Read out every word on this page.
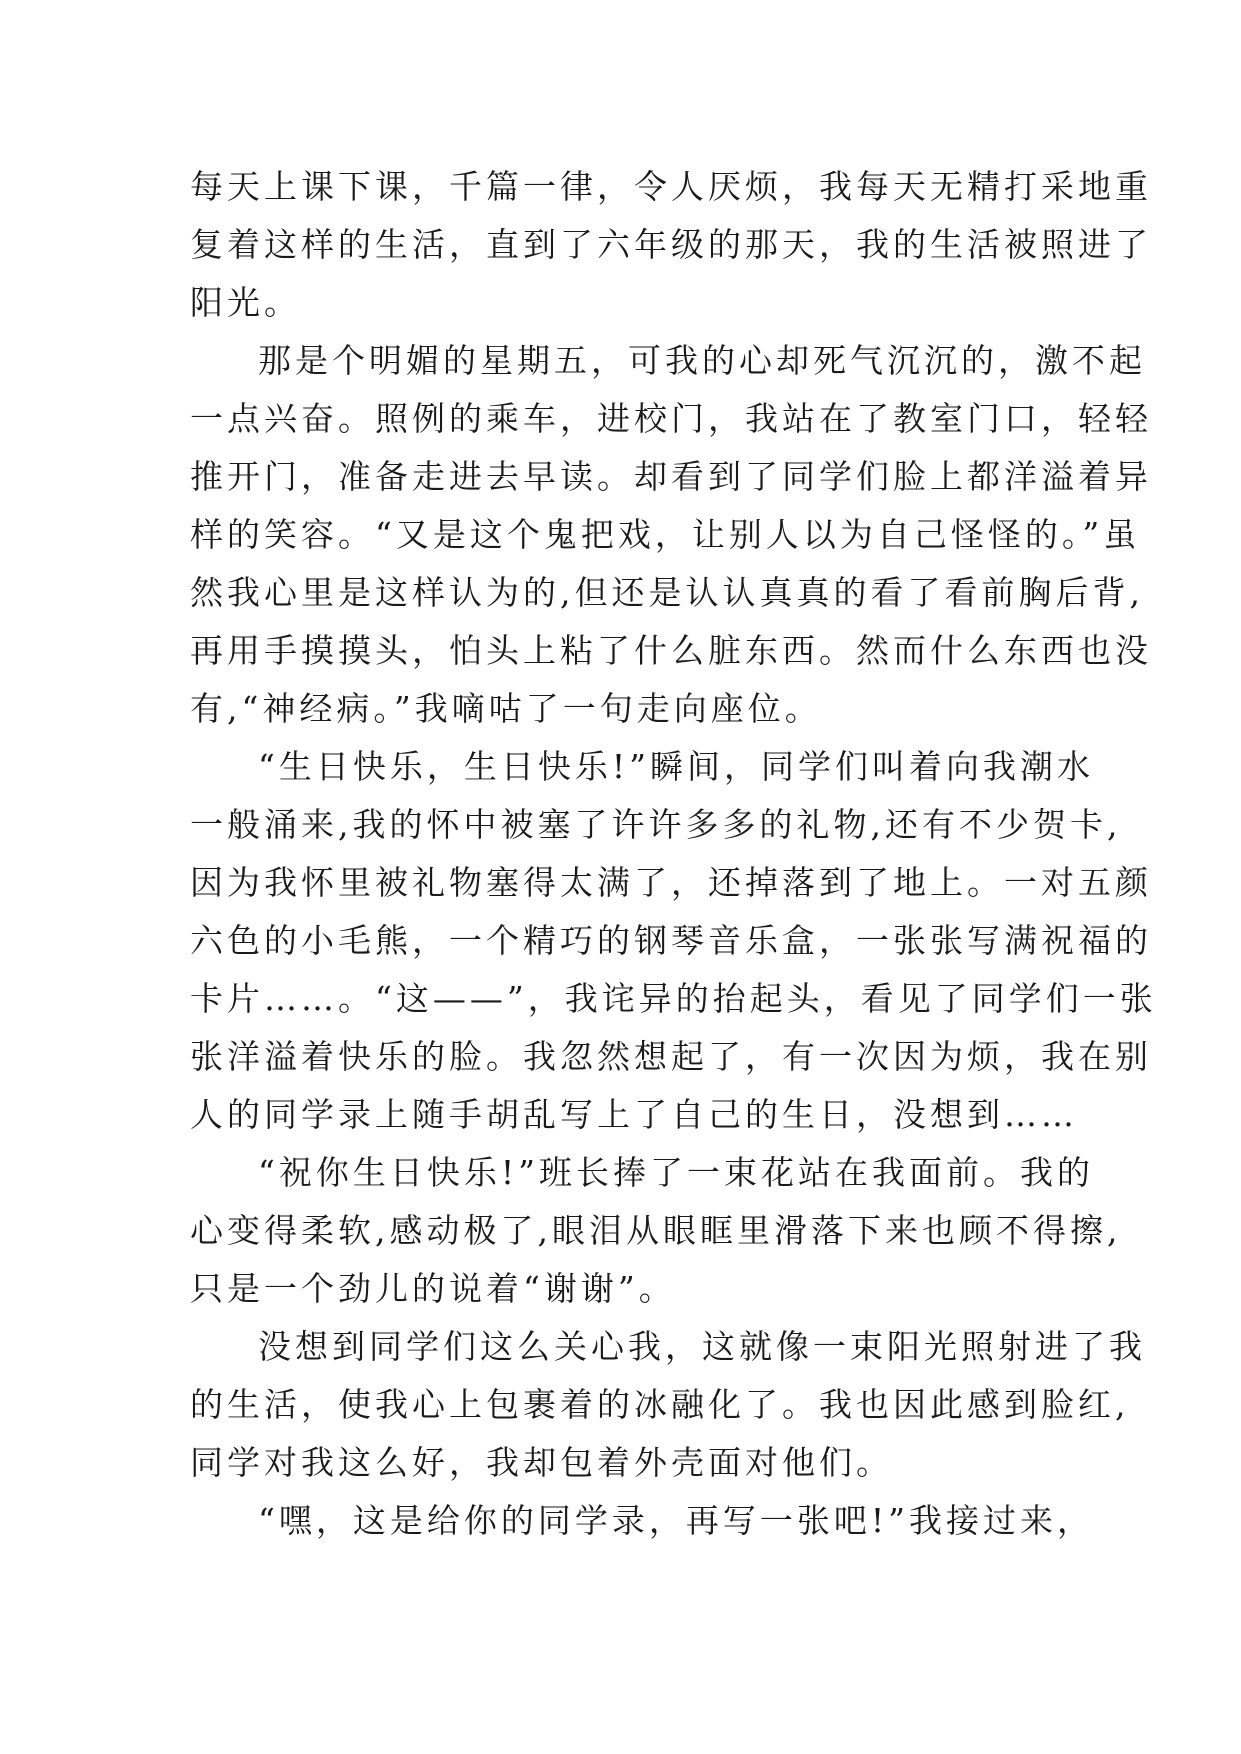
每天上课下课，千篇一律，令人厌烦，我每天无精打采地重
复着这样的生活，直到了六年级的那天，我的生活被照进了
阳光。
那是个明媚的星期五，可我的心却死气沉沉的，激不起
一点兴奋。照例的乘车，进校门，我站在了教室门口，轻轻
推开门，准备走进去早读。却看到了同学们脸上都洋溢着异
样的笑容。“又是这个鬼把戏，让别人以为自己怪怪的。”虽
然我心里是这样认为的,但还是认认真真的看了看前胸后背,
再用手摸摸头，怕头上粘了什么脏东西。然而什么东西也没
有,“神经病。”我嘀咕了一句走向座位。
“生日快乐，生日快乐!”瞬间，同学们叫着向我潮水
一般涌来,我的怀中被塞了许许多多的礼物,还有不少贺卡,
因为我怀里被礼物塞得太满了，还掉落到了地上。一对五颜
六色的小毛熊，一个精巧的钢琴音乐盒，一张张写满祝福的
卡片……。“这——”，我诧异的抬起头，看见了同学们一张
张洋溢着快乐的脸。我忽然想起了，有一次因为烦，我在别
人的同学录上随手胡乱写上了自己的生日，没想到……
“祝你生日快乐!”班长捧了一束花站在我面前。我的
心变得柔软,感动极了,眼泪从眼眶里滑落下来也顾不得擦,
只是一个劲儿的说着“谢谢”。
没想到同学们这么关心我，这就像一束阳光照射进了我
的生活，使我心上包裹着的冰融化了。我也因此感到脸红,
同学对我这么好，我却包着外壳面对他们。
“嘿，这是给你的同学录，再写一张吧!”我接过来，
